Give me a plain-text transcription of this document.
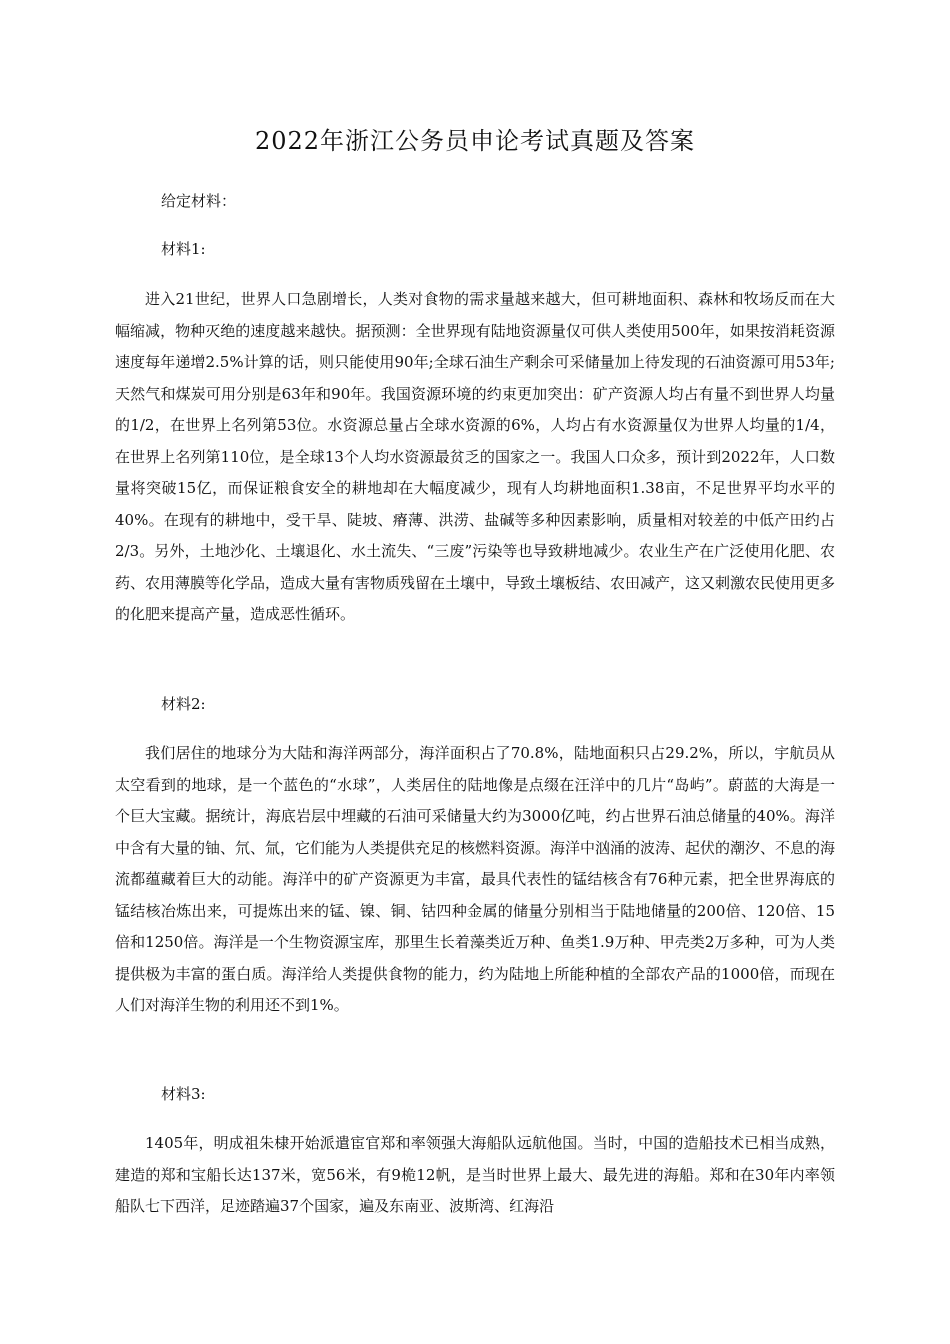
2022年浙江公务员申论考试真题及答案
给定材料：
材料1:

进入21世纪，世界人口急剧增长，人类对食物的需求量越来越大，但可耕地面积、森林和牧场反而在大幅缩减，物种灭绝的速度越来越快。据预测：全世界现有陆地资源量仅可供人类使用500年，如果按消耗资源速度每年递增2.5%计算的话，则只能使用90年;全球石油生产剩余可采储量加上待发现的石油资源可用53年;天然气和煤炭可用分别是63年和90年。我国资源环境的约束更加突出：矿产资源人均占有量不到世界人均量的1/2，在世界上名列第53位。水资源总量占全球水资源的6%，人均占有水资源量仅为世界人均量的1/4，在世界上名列第110位，是全球13个人均水资源最贫乏的国家之一。我国人口众多，预计到2022年，人口数量将突破15亿，而保证粮食安全的耕地却在大幅度减少，现有人均耕地面积1.38亩，不足世界平均水平的40%。在现有的耕地中，受干旱、陡坡、瘠薄、洪涝、盐碱等多种因素影响，质量相对较差的中低产田约占2/3。另外，土地沙化、土壤退化、水土流失、“三废”污染等也导致耕地减少。农业生产在广泛使用化肥、农药、农用薄膜等化学品，造成大量有害物质残留在土壤中，导致土壤板结、农田减产，这又刺激农民使用更多的化肥来提高产量，造成恶性循环。

材料2:

我们居住的地球分为大陆和海洋两部分，海洋面积占了70.8%，陆地面积只占29.2%，所以，宇航员从太空看到的地球，是一个蓝色的“水球”，人类居住的陆地像是点缀在汪洋中的几片“岛屿”。蔚蓝的大海是一个巨大宝藏。据统计，海底岩层中埋藏的石油可采储量大约为3000亿吨，约占世界石油总储量的40%。海洋中含有大量的铀、氘、氚，它们能为人类提供充足的核燃料资源。海洋中汹涌的波涛、起伏的潮汐、不息的海流都蕴藏着巨大的动能。海洋中的矿产资源更为丰富，最具代表性的锰结核含有76种元素，把全世界海底的锰结核冶炼出来，可提炼出来的锰、镍、铜、钴四种金属的储量分别相当于陆地储量的200倍、120倍、15倍和1250倍。海洋是一个生物资源宝库，那里生长着藻类近万种、鱼类1.9万种、甲壳类2万多种，可为人类提供极为丰富的蛋白质。海洋给人类提供食物的能力，约为陆地上所能种植的全部农产品的1000倍，而现在人们对海洋生物的利用还不到1%。

材料3:

1405年，明成祖朱棣开始派遣宦官郑和率领强大海船队远航他国。当时，中国的造船技术已相当成熟，建造的郑和宝船长达137米，宽56米，有9桅12帆，是当时世界上最大、最先进的海船。郑和在30年内率领船队七下西洋，足迹踏遍37个国家，遍及东南亚、波斯湾、红海沿
